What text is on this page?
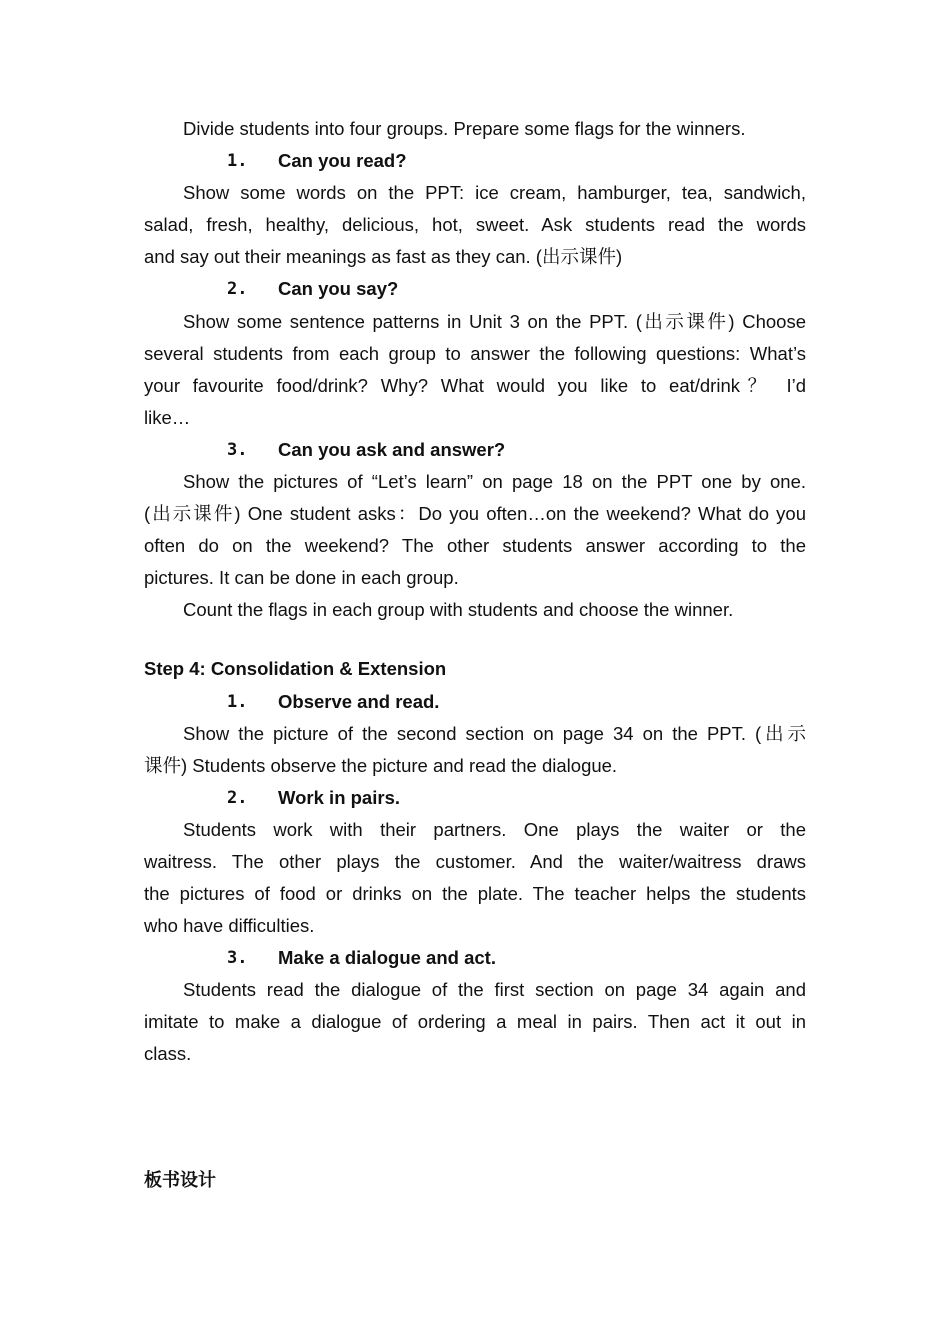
Divide students into four groups. Prepare some flags for the winners.
1. Can you read?
Show some words on the PPT: ice cream, hamburger, tea, sandwich,
salad, fresh, healthy, delicious, hot, sweet. Ask students read the words
and say out their meanings as fast as they can. (出示课件)
2. Can you say?
Show some sentence patterns in Unit 3 on the PPT. (出示课件) Choose
several students from each group to answer the following questions: What’s
your favourite food/drink? Why? What would you like to eat/drink？ I’d
like…
3. Can you ask and answer?
Show the pictures of “Let’s learn” on page 18 on the PPT one by one.
(出示课件) One student asks：Do you often…on the weekend? What do you
often do on the weekend? The other students answer according to the
pictures. It can be done in each group.
Count the flags in each group with students and choose the winner.
Step 4: Consolidation & Extension
1. Observe and read.
Show the picture of the second section on page 34 on the PPT. (出示
课件) Students observe the picture and read the dialogue.
2. Work in pairs.
Students work with their partners. One plays the waiter or the
waitress. The other plays the customer. And the waiter/waitress draws
the pictures of food or drinks on the plate. The teacher helps the students
who have difficulties.
3. Make a dialogue and act.
Students read the dialogue of the first section on page 34 again and
imitate to make a dialogue of ordering a meal in pairs. Then act it out in
class.
板书设计
